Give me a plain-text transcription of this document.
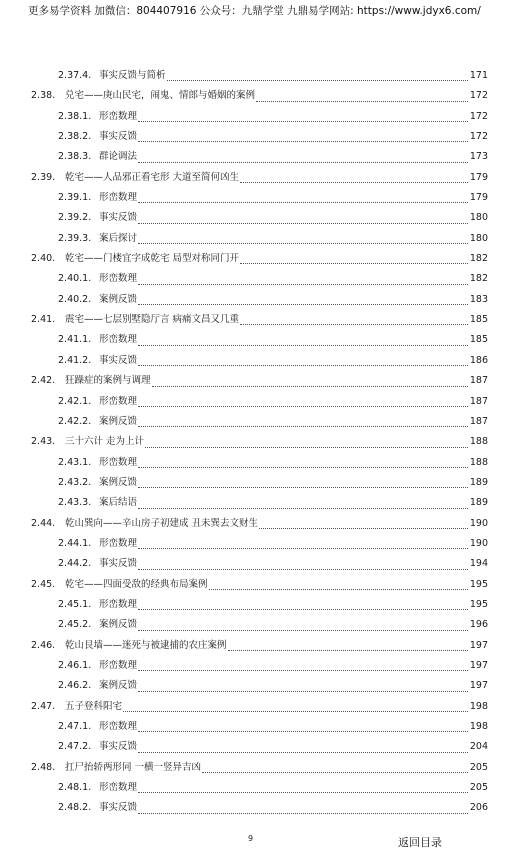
更多易学资料 加微信：804407916 公众号：九鼎学堂 九鼎易学网站: https://www.jdyx6.com/
2.37.4. 事实反馈与简析	171
2.38. 兑宅——庚山民宅，闹鬼、情郎与婚姻的案例	172
2.38.1. 形峦数理	172
2.38.2. 事实反馈	172
2.38.3. 群论调法	173
2.39. 乾宅——人品邪正看宅形 大道至简何凶生	179
2.39.1. 形峦数理	179
2.39.2. 事实反馈	180
2.39.3. 案后探讨	180
2.40. 乾宅——门楼宜字成乾宅 局型对称同门开	182
2.40.1. 形峦数理	182
2.40.2. 案例反馈	183
2.41. 震宅——七层别墅隐厅言 病痛文昌又几重	185
2.41.1. 形峦数理	185
2.41.2. 事实反馈	186
2.42. 狂躁症的案例与调理	187
2.42.1. 形峦数理	187
2.42.2. 案例反馈	187
2.43. 三十六计 走为上计	188
2.43.1. 形峦数理	188
2.43.2. 案例反馈	189
2.43.3. 案后结语	189
2.44. 乾山巽向——辛山房子初建成 丑未巽去文财生	190
2.44.1. 形峦数理	190
2.44.2. 事实反馈	194
2.45. 乾宅——四面受敌的经典布局案例	195
2.45.1. 形峦数理	195
2.45.2. 案例反馈	196
2.46. 乾山艮墙——迷死与被逮捕的农庄案例	197
2.46.1. 形峦数理	197
2.46.2. 案例反馈	197
2.47. 五子登科阳宅	198
2.47.1. 形峦数理	198
2.47.2. 事实反馈	204
2.48. 扛尸抬轿两形同 一横一竖异吉凶	205
2.48.1. 形峦数理	205
2.48.2. 事实反馈	206
9	返回目录
